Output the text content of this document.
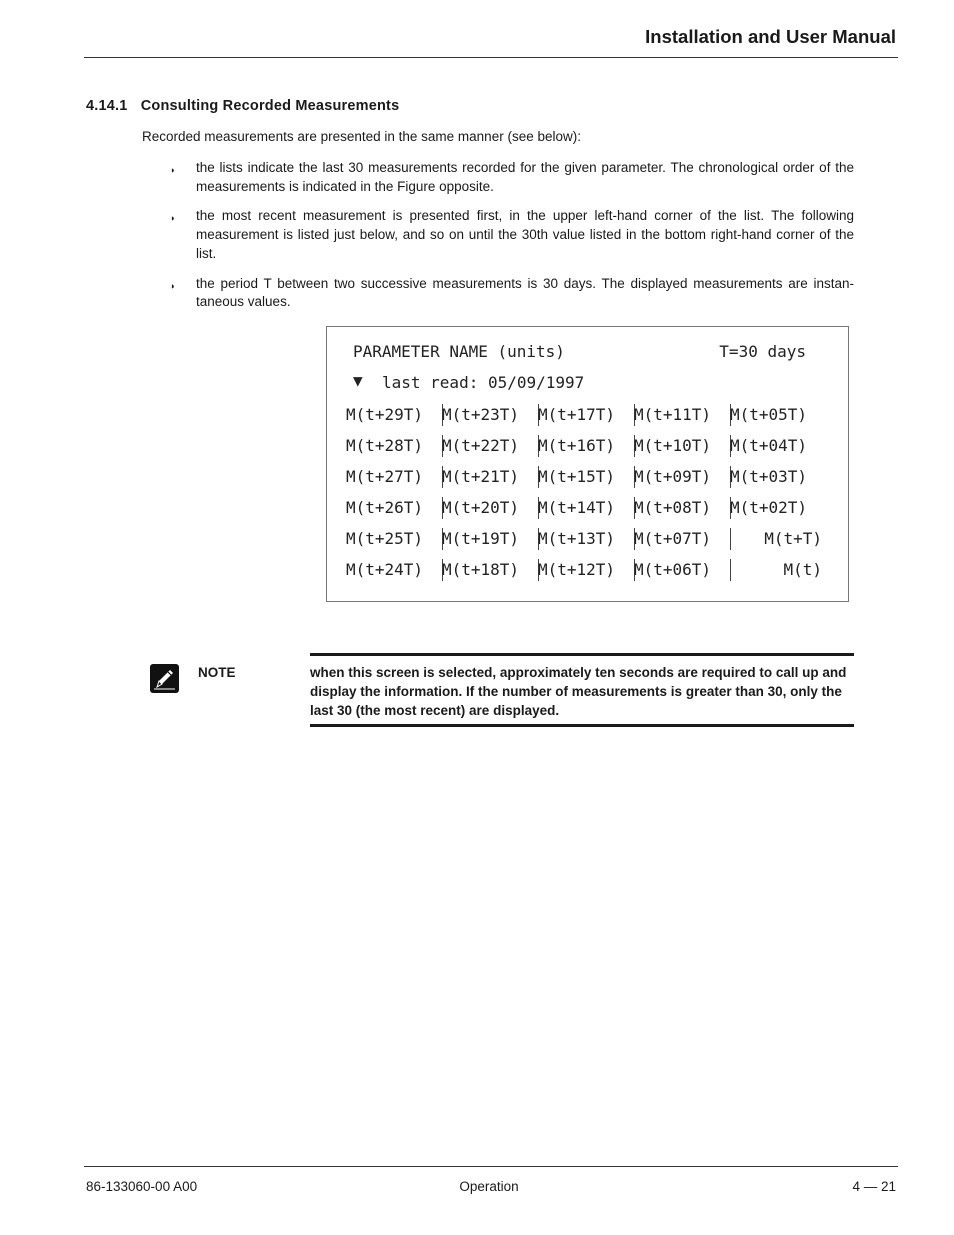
Installation and User Manual
4.14.1 Consulting Recorded Measurements
Recorded measurements are presented in the same manner (see below):
◗ the lists indicate the last 30 measurements recorded for the given parameter. The chronological order of the measurements is indicated in the Figure opposite.
◗ the most recent measurement is presented first, in the upper left-hand corner of the list. The following measurement is listed just below, and so on until the 30th value listed in the bottom right-hand corner of the list.
◗ the period T between two successive measurements is 30 days. The displayed measurements are instan-taneous values.
PARAMETER NAME (units)	T=30 days
▼ last read: 05/09/1997
M(t+29T)	M(t+23T)	M(t+17T)	M(t+11T)	M(t+05T)
M(t+28T)	M(t+22T)	M(t+16T)	M(t+10T)	M(t+04T)
M(t+27T)	M(t+21T)	M(t+15T)	M(t+09T)	M(t+03T)
M(t+26T)	M(t+20T)	M(t+14T)	M(t+08T)	M(t+02T)
M(t+25T)	M(t+19T)	M(t+13T)	M(t+07T)	M(t+T)
M(t+24T)	M(t+18T)	M(t+12T)	M(t+06T)	M(t)
NOTE	when this screen is selected, approximately ten seconds are required to call up and display the information. If the number of measurements is greater than 30, only the last 30 (the most recent) are displayed.
86-133060-00 A00	Operation	4 — 21
